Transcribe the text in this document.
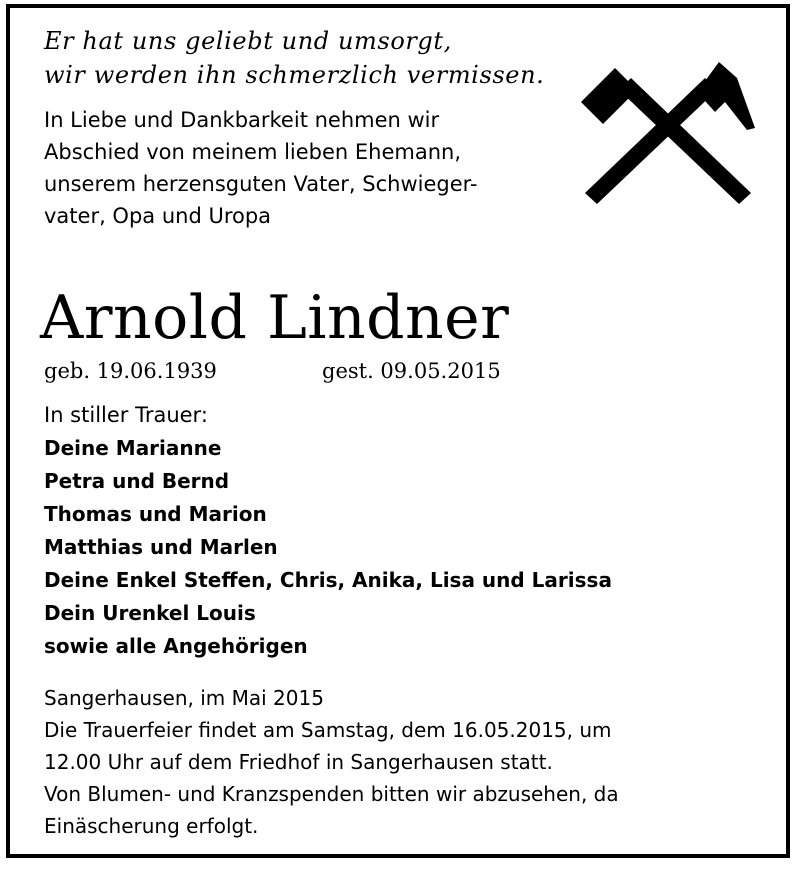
Er hat uns geliebt und umsorgt,
wir werden ihn schmerzlich vermissen.

In Liebe und Dankbarkeit nehmen wir
Abschied von meinem lieben Ehemann,
unserem herzensguten Vater, Schwieger-
vater, Opa und Uropa

Arnold Lindner
geb. 19.06.1939	gest. 09.05.2015
In stiller Trauer:
Deine Marianne
Petra und Bernd
Thomas und Marion
Matthias und Marlen
Deine Enkel Steffen, Chris, Anika, Lisa und Larissa
Dein Urenkel Louis
sowie alle Angehörigen

Sangerhausen, im Mai 2015
Die Trauerfeier findet am Samstag, dem 16.05.2015, um
12.00 Uhr auf dem Friedhof in Sangerhausen statt.
Von Blumen- und Kranzspenden bitten wir abzusehen, da
Einäscherung erfolgt.
